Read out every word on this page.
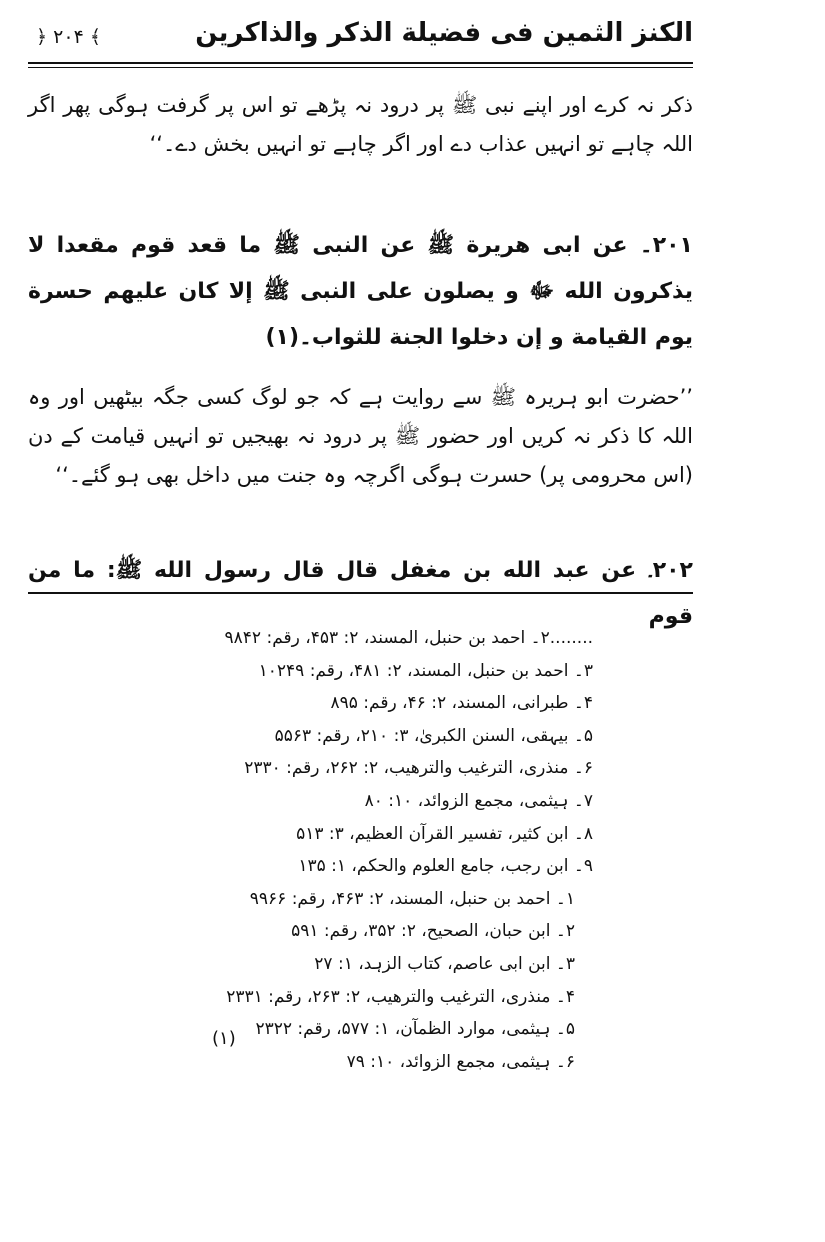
﴿ ۲۰۴ ﴾	الكنز الثمين فی فضيلة الذكر والذاكرين
ذکر نہ کرے اور اپنے نبی ﷺ پر درود نہ پڑھے تو اس پر گرفت ہوگی پھر اگر اللہ چاہے تو انہیں عذاب دے اور اگر چاہے تو انہیں بخش دے۔‘‘
۲۰۱۔ عن ابی هريرة ﷺ عن النبی ﷺ ما قعد قوم مقعدا لا يذكرون الله ﷻ و يصلون على النبی ﷺ إلا كان عليهم حسرة يوم القيامة و إن دخلوا الجنة للثواب۔(۱)
’’حضرت ابو ہریرہ ﷺ سے روایت ہے کہ جو لوگ کسی جگہ بیٹھیں اور وہ اللہ کا ذکر نہ کریں اور حضور ﷺ پر درود نہ بھیجیں تو انہیں قیامت کے دن (اس محرومی پر) حسرت ہوگی اگرچہ وہ جنت میں داخل بھی ہو گئے۔‘‘
۲۰۲۔ عن عبد الله بن مغفل قال قال رسول الله ﷺ: ما من قوم
........۲۔ احمد بن حنبل، المسند، ۲: ۴۵۳، رقم: ۹۸۴۲
۳۔ احمد بن حنبل، المسند، ۲: ۴۸۱، رقم: ۱۰۲۴۹
۴۔ طبرانی، المسند، ۲: ۴۶، رقم: ۸۹۵
۵۔ بیہقی، السنن الكبریٰ، ۳: ۲۱۰، رقم: ۵۵۶۳
۶۔ منذری، الترغیب والترهیب، ۲: ۲۶۲، رقم: ۲۳۳۰
۷۔ ہیثمی، مجمع الزوائد، ۱۰: ۸۰
۸۔ ابن کثیر، تفسیر القرآن العظیم، ۳: ۵۱۳
۹۔ ابن رجب، جامع العلوم والحكم، ۱: ۱۳۵
۱۔ احمد بن حنبل، المسند، ۲: ۴۶۳، رقم: ۹۹۶۶
۲۔ ابن حبان، الصحیح، ۲: ۳۵۲، رقم: ۵۹۱
۳۔ ابن ابی عاصم، كتاب الزہد، ۱: ۲۷
۴۔ منذری، الترغیب والترهیب، ۲: ۲۶۳، رقم: ۲۳۳۱
۵۔ ہیثمی، موارد الظمآن، ۱: ۵۷۷، رقم: ۲۳۲۲
۶۔ ہیثمی، مجمع الزوائد، ۱۰: ۷۹
(۱)
